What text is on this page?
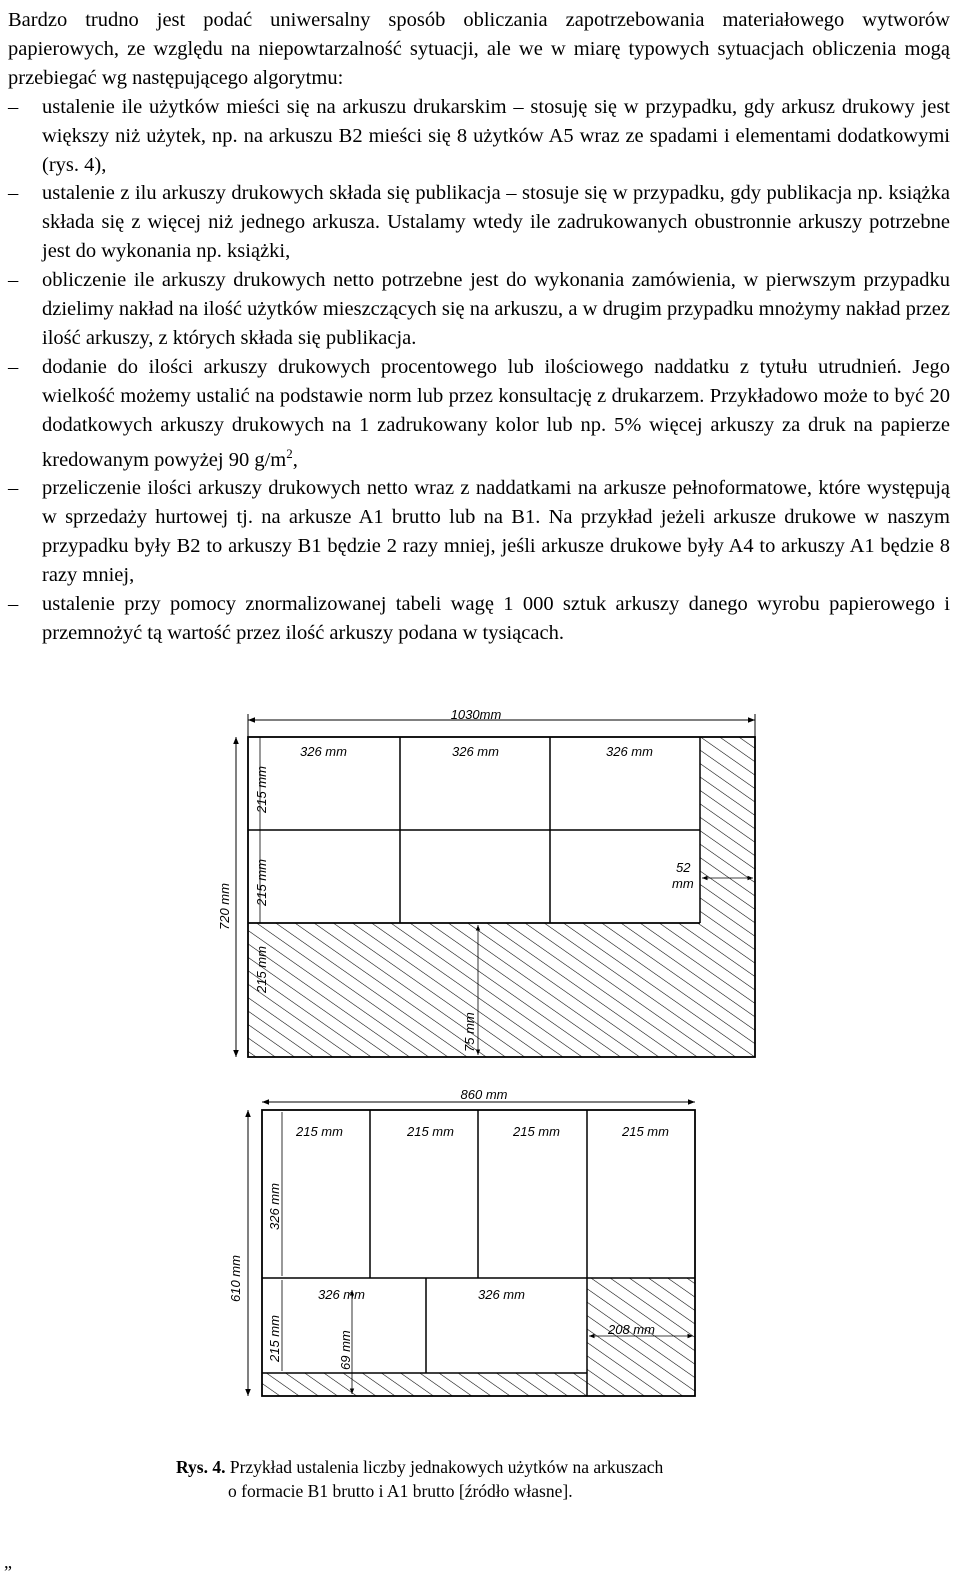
Bardzo trudno jest podać uniwersalny sposób obliczania zapotrzebowania materiałowego wytworów papierowych, ze względu na niepowtarzalność sytuacji, ale we w miarę typowych sytuacjach obliczenia mogą przebiegać wg następującego algorytmu:

– ustalenie ile użytków mieści się na arkuszu drukarskim – stosuję się w przypadku, gdy arkusz drukowy jest większy niż użytek, np. na arkuszu B2 mieści się 8 użytków A5 wraz ze spadami i elementami dodatkowymi (rys. 4),

– ustalenie z ilu arkuszy drukowych składa się publikacja – stosuje się w przypadku, gdy publikacja np. książka składa się z więcej niż jednego arkusza. Ustalamy wtedy ile zadrukowanych obustronnie arkuszy potrzebne jest do wykonania np. książki,

– obliczenie ile arkuszy drukowych netto potrzebne jest do wykonania zamówienia, w pierwszym przypadku dzielimy nakład na ilość użytków mieszczących się na arkuszu, a w drugim przypadku mnożymy nakład przez ilość arkuszy, z których składa się publikacja.

– dodanie do ilości arkuszy drukowych procentowego lub ilościowego naddatku z tytułu utrudnień. Jego wielkość możemy ustalić na podstawie norm lub przez konsultację z drukarzem. Przykładowo może to być 20 dodatkowych arkuszy drukowych na 1 zadrukowany kolor lub np. 5% więcej arkuszy za druk na papierze kredowanym powyżej 90 $g/m^2$,

– przeliczenie ilości arkuszy drukowych netto wraz z naddatkami na arkusze pełnoformatowe, które występują w sprzedaży hurtowej tj. na arkusze A1 brutto lub na B1. Na przykład jeżeli arkusze drukowe w naszym przypadku były B2 to arkuszy B1 będzie 2 razy mniej, jeśli arkusze drukowe były A4 to arkuszy A1 będzie 8 razy mniej,

– ustalenie przy pomocy znormalizowanej tabeli wagę 1 000 sztuk arkuszy danego wyrobu papierowego i przemnożyć tą wartość przez ilość arkuszy podana w tysiącach.

1030mm
326 mm	326 mm	326 mm
215 mm
215 mm
215 mm
720 mm
52
mm
75 mm
860 mm
215 mm	215 mm	215 mm	215 mm
326 mm
326 mm	326 mm
215 mm
610 mm
69 mm
208 mm
Rys. 4. Przykład ustalenia liczby jednakowych użytków na arkuszach
o formacie B1 brutto i A1 brutto [źródło własne].
„
